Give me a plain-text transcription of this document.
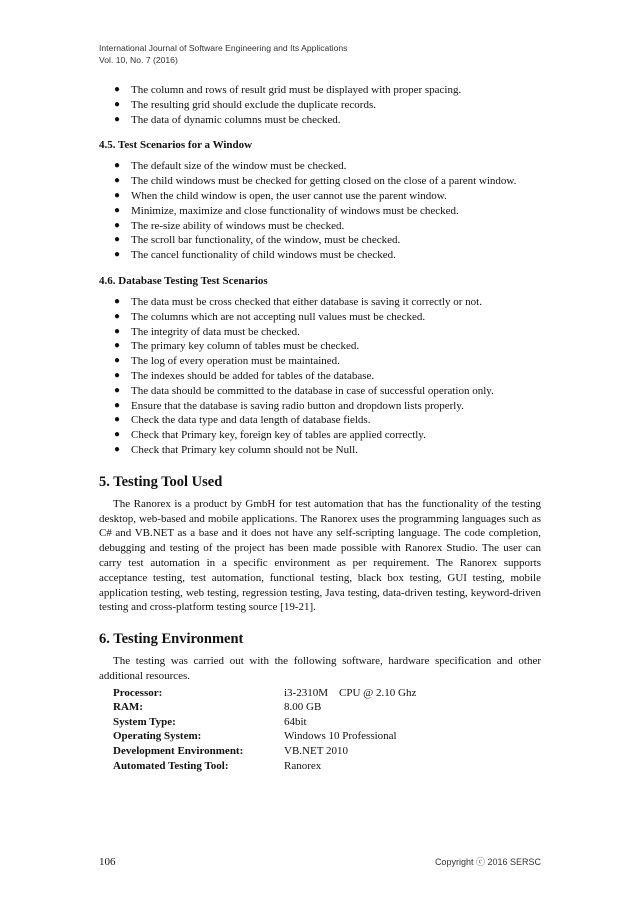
International Journal of Software Engineering and Its Applications
Vol. 10, No. 7 (2016)
● The column and rows of result grid must be displayed with proper spacing.
● The resulting grid should exclude the duplicate records.
● The data of dynamic columns must be checked.
4.5. Test Scenarios for a Window
● The default size of the window must be checked.
● The child windows must be checked for getting closed on the close of a parent window.
● When the child window is open, the user cannot use the parent window.
● Minimize, maximize and close functionality of windows must be checked.
● The re-size ability of windows must be checked.
● The scroll bar functionality, of the window, must be checked.
● The cancel functionality of child windows must be checked.
4.6. Database Testing Test Scenarios
● The data must be cross checked that either database is saving it correctly or not.
● The columns which are not accepting null values must be checked.
● The integrity of data must be checked.
● The primary key column of tables must be checked.
● The log of every operation must be maintained.
● The indexes should be added for tables of the database.
● The data should be committed to the database in case of successful operation only.
● Ensure that the database is saving radio button and dropdown lists properly.
● Check the data type and data length of database fields.
● Check that Primary key, foreign key of tables are applied correctly.
● Check that Primary key column should not be Null.
5. Testing Tool Used

The Ranorex is a product by GmbH for test automation that has the functionality of the testing desktop, web-based and mobile applications. The Ranorex uses the programming languages such as C# and VB.NET as a base and it does not have any self-scripting language. The code completion, debugging and testing of the project has been made possible with Ranorex Studio. The user can carry test automation in a specific environment as per requirement. The Ranorex supports acceptance testing, test automation, functional testing, black box testing, GUI testing, mobile application testing, web testing, regression testing, Java testing, data-driven testing, keyword-driven testing and cross-platform testing source [19-21].

6. Testing Environment

The testing was carried out with the following software, hardware specification and other additional resources.

Processor:	i3-2310M    CPU @ 2.10 Ghz
RAM:	8.00 GB
System Type:	64bit
Operating System:	Windows 10 Professional
Development Environment:	VB.NET 2010
Automated Testing Tool:	Ranorex
106	Copyright ⓒ 2016 SERSC
